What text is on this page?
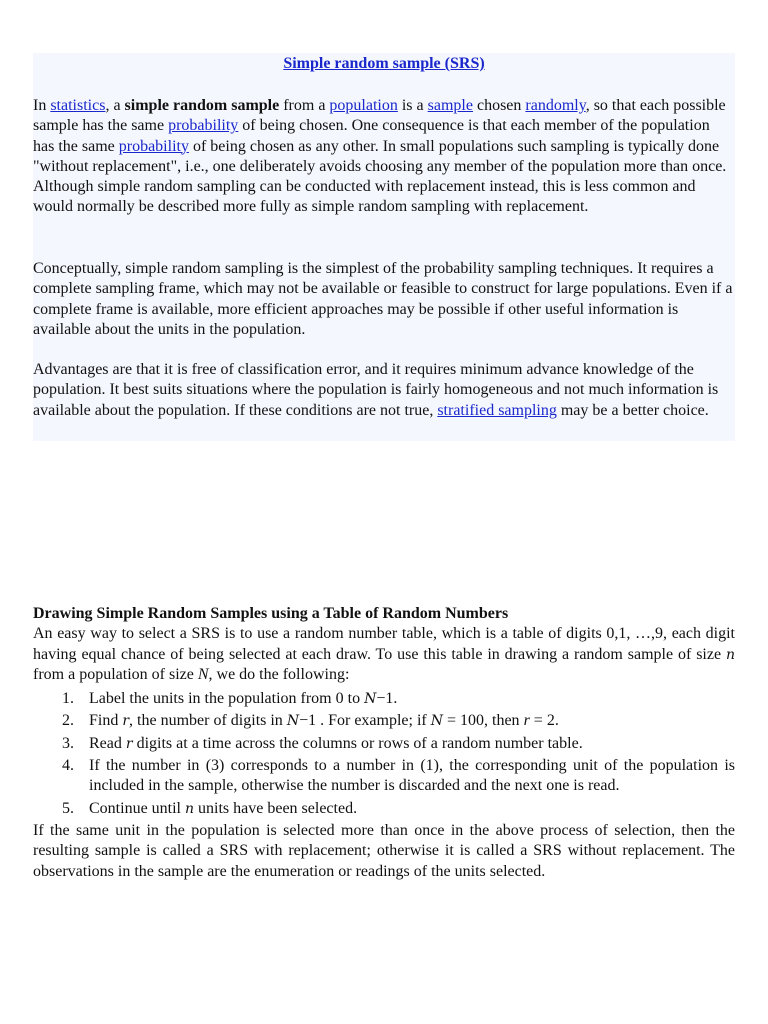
Simple random sample (SRS)

In statistics, a simple random sample from a population is a sample chosen randomly, so that each possible sample has the same probability of being chosen. One consequence is that each member of the population has the same probability of being chosen as any other. In small populations such sampling is typically done "without replacement", i.e., one deliberately avoids choosing any member of the population more than once. Although simple random sampling can be conducted with replacement instead, this is less common and would normally be described more fully as simple random sampling with replacement.

Conceptually, simple random sampling is the simplest of the probability sampling techniques. It requires a complete sampling frame, which may not be available or feasible to construct for large populations. Even if a complete frame is available, more efficient approaches may be possible if other useful information is available about the units in the population.

Advantages are that it is free of classification error, and it requires minimum advance knowledge of the population. It best suits situations where the population is fairly homogeneous and not much information is available about the population. If these conditions are not true, stratified sampling may be a better choice.

Drawing Simple Random Samples using a Table of Random Numbers

An easy way to select a SRS is to use a random number table, which is a table of digits 0,1, …,9, each digit having equal chance of being selected at each draw. To use this table in drawing a random sample of size n from a population of size N, we do the following:

1. Label the units in the population from 0 to N−1.
2. Find r, the number of digits in N−1 . For example; if N = 100, then r = 2.
3. Read r digits at a time across the columns or rows of a random number table.
4. If the number in (3) corresponds to a number in (1), the corresponding unit of the population is included in the sample, otherwise the number is discarded and the next one is read.
5. Continue until n units have been selected.

If the same unit in the population is selected more than once in the above process of selection, then the resulting sample is called a SRS with replacement; otherwise it is called a SRS without replacement. The observations in the sample are the enumeration or readings of the units selected.
